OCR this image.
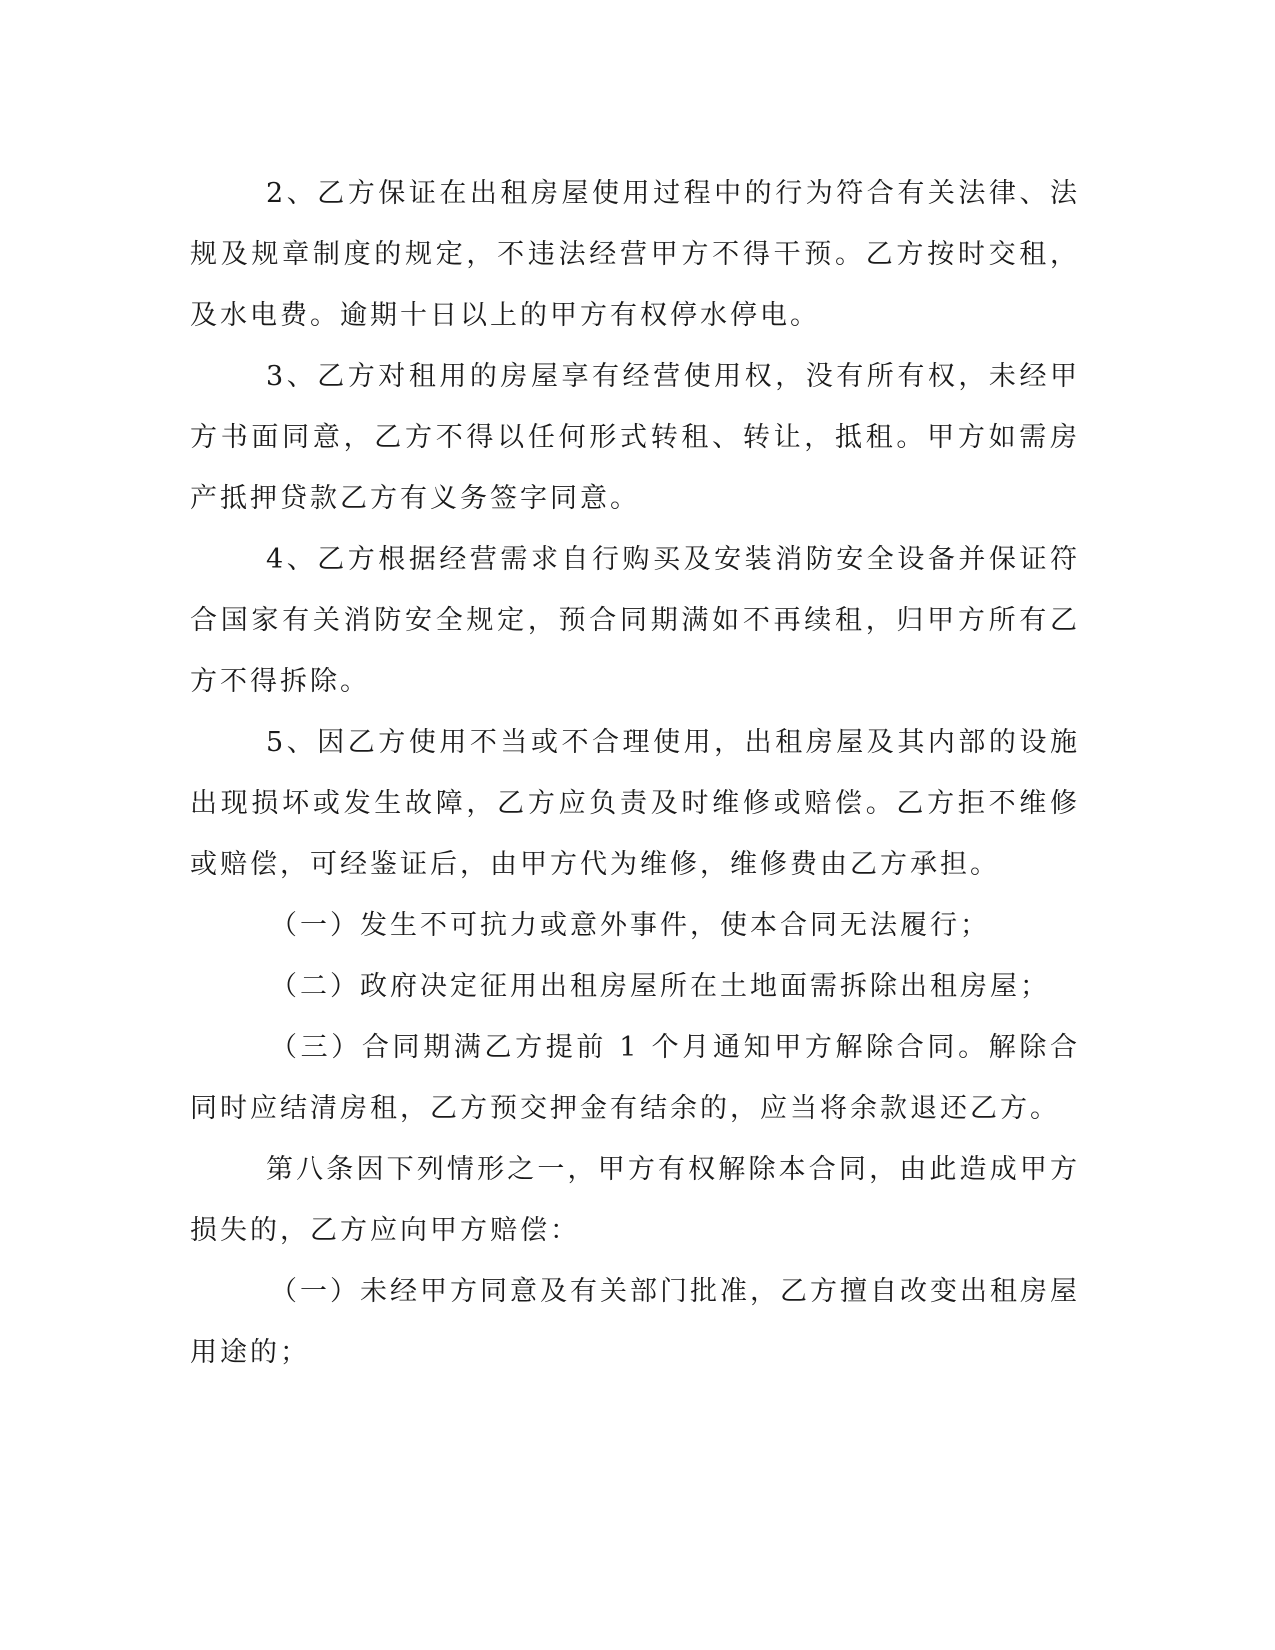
2、乙方保证在出租房屋使用过程中的行为符合有关法律、法规及规章制度的规定，不违法经营甲方不得干预。乙方按时交租，及水电费。逾期十日以上的甲方有权停水停电。

3、乙方对租用的房屋享有经营使用权，没有所有权，未经甲方书面同意，乙方不得以任何形式转租、转让，抵租。甲方如需房产抵押贷款乙方有义务签字同意。

4、乙方根据经营需求自行购买及安装消防安全设备并保证符合国家有关消防安全规定，预合同期满如不再续租，归甲方所有乙方不得拆除。

5、因乙方使用不当或不合理使用，出租房屋及其内部的设施出现损坏或发生故障，乙方应负责及时维修或赔偿。乙方拒不维修或赔偿，可经鉴证后，由甲方代为维修，维修费由乙方承担。

（一）发生不可抗力或意外事件，使本合同无法履行；

（二）政府决定征用出租房屋所在土地面需拆除出租房屋；

（三）合同期满乙方提前 1 个月通知甲方解除合同。解除合同时应结清房租，乙方预交押金有结余的，应当将余款退还乙方。

第八条因下列情形之一，甲方有权解除本合同，由此造成甲方损失的，乙方应向甲方赔偿：

（一）未经甲方同意及有关部门批准，乙方擅自改变出租房屋用途的；
